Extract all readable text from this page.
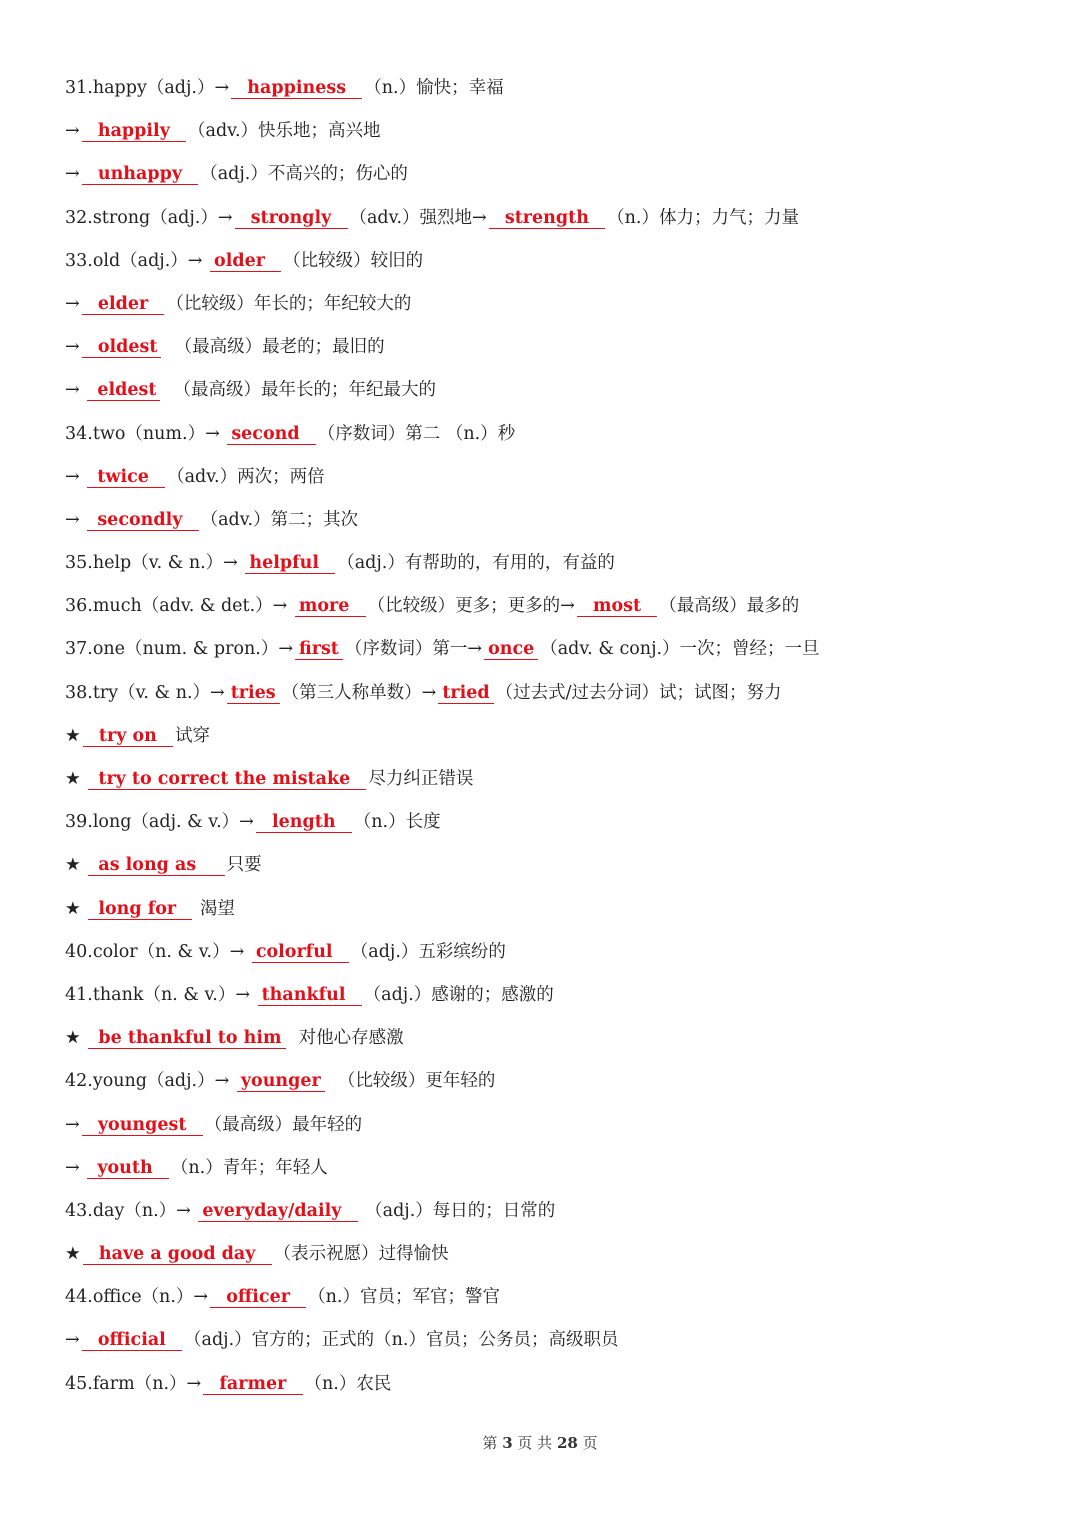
31.happy（adj.）→  happiness  （n.）愉快；幸福
→  happily  （adv.）快乐地；高兴地
→  unhappy  （adj.）不高兴的；伤心的
32.strong（adj.）→  strongly  （adv.）强烈地→  strength  （n.）体力；力气；力量
33.old（adj.）→ older  （比较级）较旧的
→  elder  （比较级）年长的；年纪较大的
→  oldest  （最高级）最老的；最旧的
→  eldest  （最高级）最年长的；年纪最大的
34.two（num.）→ second  （序数词）第二 （n.）秒
→  twice  （adv.）两次；两倍
→  secondly  （adv.）第二；其次
35.help（v. & n.）→ helpful  （adj.）有帮助的，有用的，有益的
36.much（adv. & det.）→ more  （比较级）更多；更多的→  most  （最高级）最多的
37.one（num. & pron.）→ first （序数词）第一→ once （adv. & conj.）一次；曾经；一旦
38.try（v. & n.）→ tries （第三人称单数）→ tried （过去式/过去分词）试；试图；努力
★  try on  试穿
★  try to correct the mistake  尽力纠正错误
39.long（adj. & v.）→  length  （n.）长度
★  as long as    只要
★  long for   渴望
40.color（n. & v.）→ colorful  （adj.）五彩缤纷的
41.thank（n. & v.）→ thankful  （adj.）感谢的；感激的
★  be thankful to him  对他心存感激
42.young（adj.）→ younger  （比较级）更年轻的
→  youngest  （最高级）最年轻的
→  youth  （n.）青年；年轻人
43.day（n.）→ everyday/daily   （adj.）每日的；日常的
★  have a good day  （表示祝愿）过得愉快
44.office（n.）→  officer  （n.）官员；军官；警官
→  official  （adj.）官方的；正式的（n.）官员；公务员；高级职员
45.farm（n.）→  farmer  （n.）农民
第 3 页 共 28 页
